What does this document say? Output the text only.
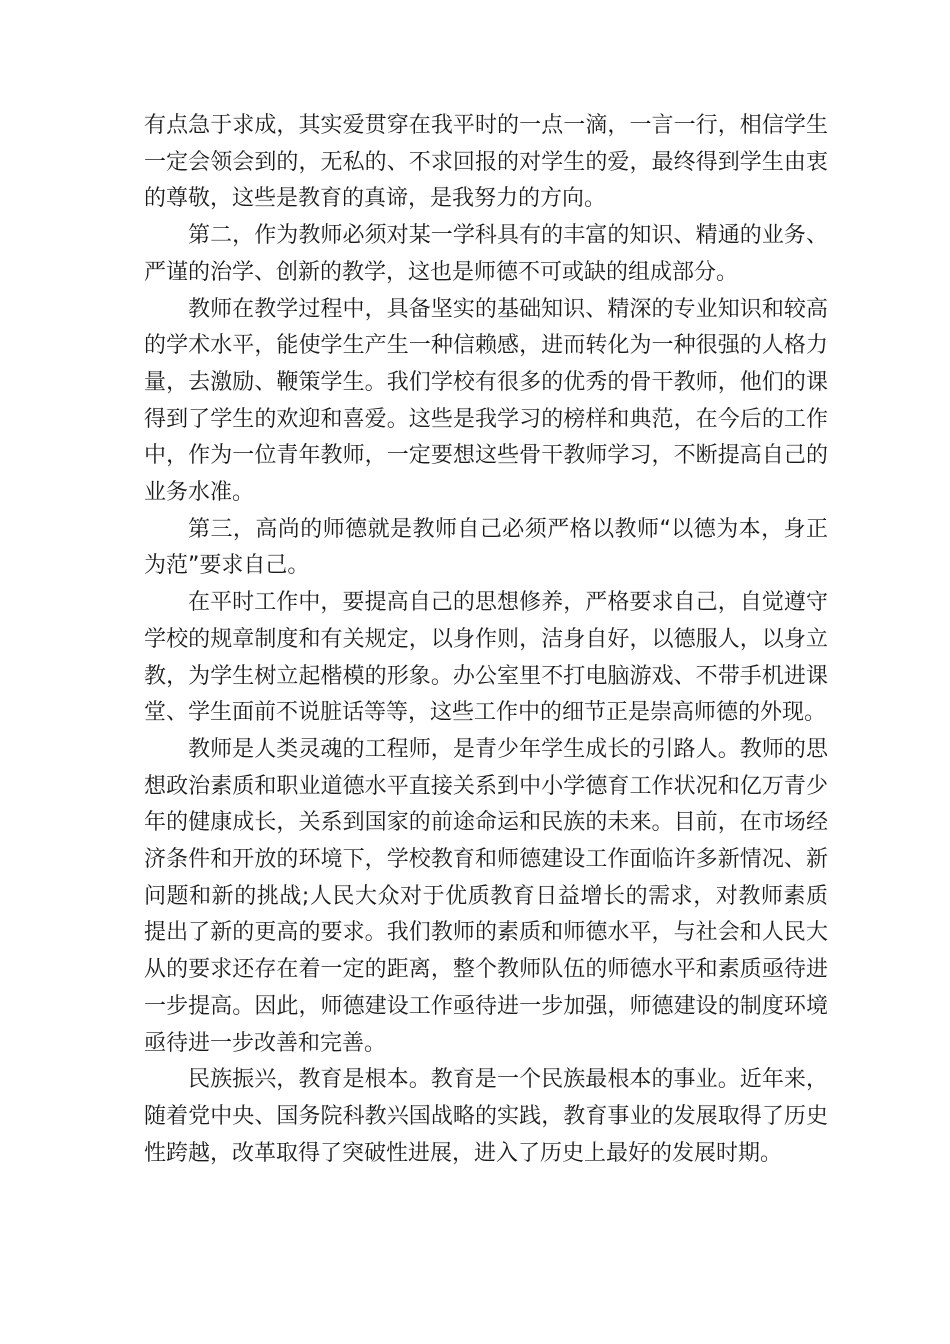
有点急于求成，其实爱贯穿在我平时的一点一滴，一言一行，相信学生一定会领会到的，无私的、不求回报的对学生的爱，最终得到学生由衷的尊敬，这些是教育的真谛，是我努力的方向。

第二，作为教师必须对某一学科具有的丰富的知识、精通的业务、严谨的治学、创新的教学，这也是师德不可或缺的组成部分。

教师在教学过程中，具备坚实的基础知识、精深的专业知识和较高的学术水平，能使学生产生一种信赖感，进而转化为一种很强的人格力量，去激励、鞭策学生。我们学校有很多的优秀的骨干教师，他们的课得到了学生的欢迎和喜爱。这些是我学习的榜样和典范，在今后的工作中，作为一位青年教师，一定要想这些骨干教师学习，不断提高自己的业务水准。

第三，高尚的师德就是教师自己必须严格以教师“以德为本，身正为范”要求自己。

在平时工作中，要提高自己的思想修养，严格要求自己，自觉遵守学校的规章制度和有关规定，以身作则，洁身自好，以德服人，以身立教，为学生树立起楷模的形象。办公室里不打电脑游戏、不带手机进课堂、学生面前不说脏话等等，这些工作中的细节正是崇高师德的外现。

教师是人类灵魂的工程师，是青少年学生成长的引路人。教师的思想政治素质和职业道德水平直接关系到中小学德育工作状况和亿万青少年的健康成长，关系到国家的前途命运和民族的未来。目前，在市场经济条件和开放的环境下，学校教育和师德建设工作面临许多新情况、新问题和新的挑战;人民大众对于优质教育日益增长的需求，对教师素质提出了新的更高的要求。我们教师的素质和师德水平，与社会和人民大从的要求还存在着一定的距离，整个教师队伍的师德水平和素质亟待进一步提高。因此，师德建设工作亟待进一步加强，师德建设的制度环境亟待进一步改善和完善。

民族振兴，教育是根本。教育是一个民族最根本的事业。近年来，随着党中央、国务院科教兴国战略的实践，教育事业的发展取得了历史性跨越，改革取得了突破性进展，进入了历史上最好的发展时期。
